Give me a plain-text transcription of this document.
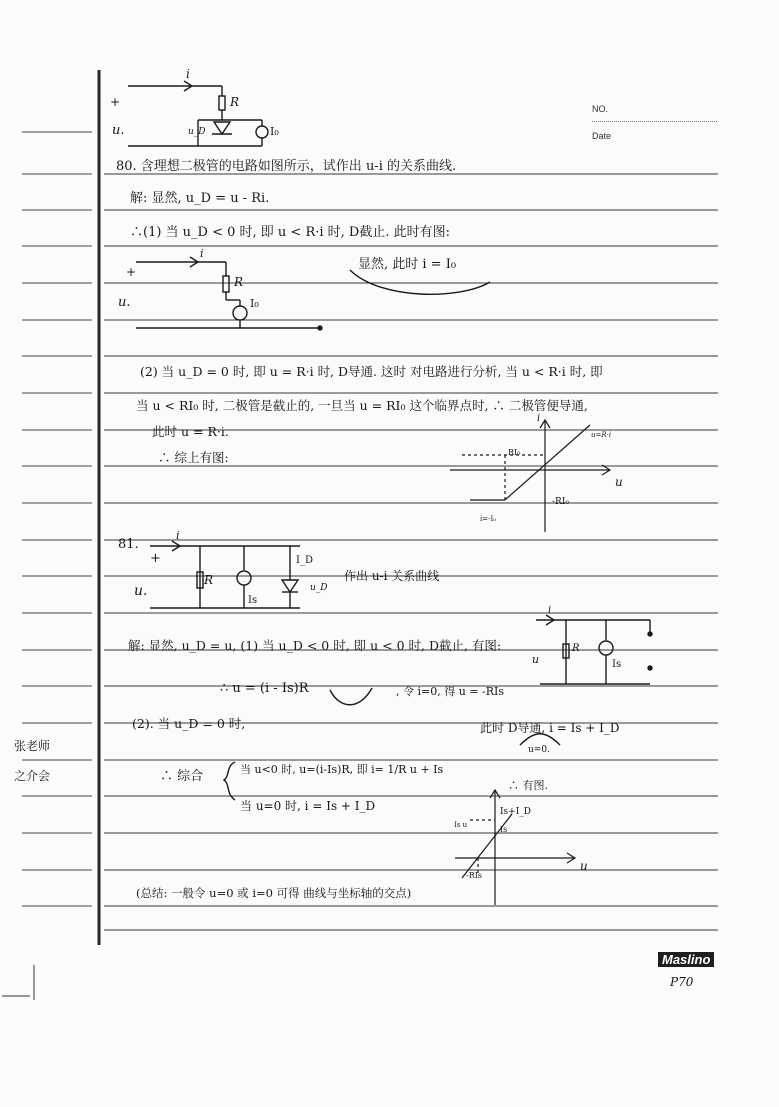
NO.
Date
+
u.
i
R
I₀
u_D
80. 含理想二极管的电路如图所示，试作出 u-i 的关系曲线.
解: 显然, u_D = u - Ri.
∴(1) 当 u_D < 0 时, 即 u < R·i 时, D截止. 此时有图:
+
u.
i
R
I₀
显然, 此时 i = I₀
(2) 当 u_D = 0 时, 即 u = R·i 时, D导通. 这时 对电路进行分析, 当 u < R·i 时, 即
当 u < RI₀ 时, 二极管是截止的, 一旦当 u = RI₀ 这个临界点时, ∴ 二极管便导通,
此时 u = R·i.
∴ 综上有图:
u=R·i
RI₀
-RI₀
i=-I₀
i
u
81.
+
u.
i
R
Is
I_D
u_D
作出 u-i 关系曲线
解: 显然, u_D = u, (1) 当 u_D < 0 时, 即 u < 0 时, D截止, 有图:
u
i
R
Is
∴ u = (i - Is)R	, 令 i=0, 得 u = -RIs
(2). 当 u_D = 0 时,	此时 D导通, i = Is + I_D
u=0.
∴ 综合	当 u<0 时, u=(i-Is)R, 即 i= 1/R u + Is
当 u=0 时, i = Is + I_D
∴ 有图.
Is+I_D
Is
Is u
-RIs
u
(总结: 一般令 u=0 或 i=0 可得 曲线与坐标轴的交点)
张老师
之介会
Maslino
P70
